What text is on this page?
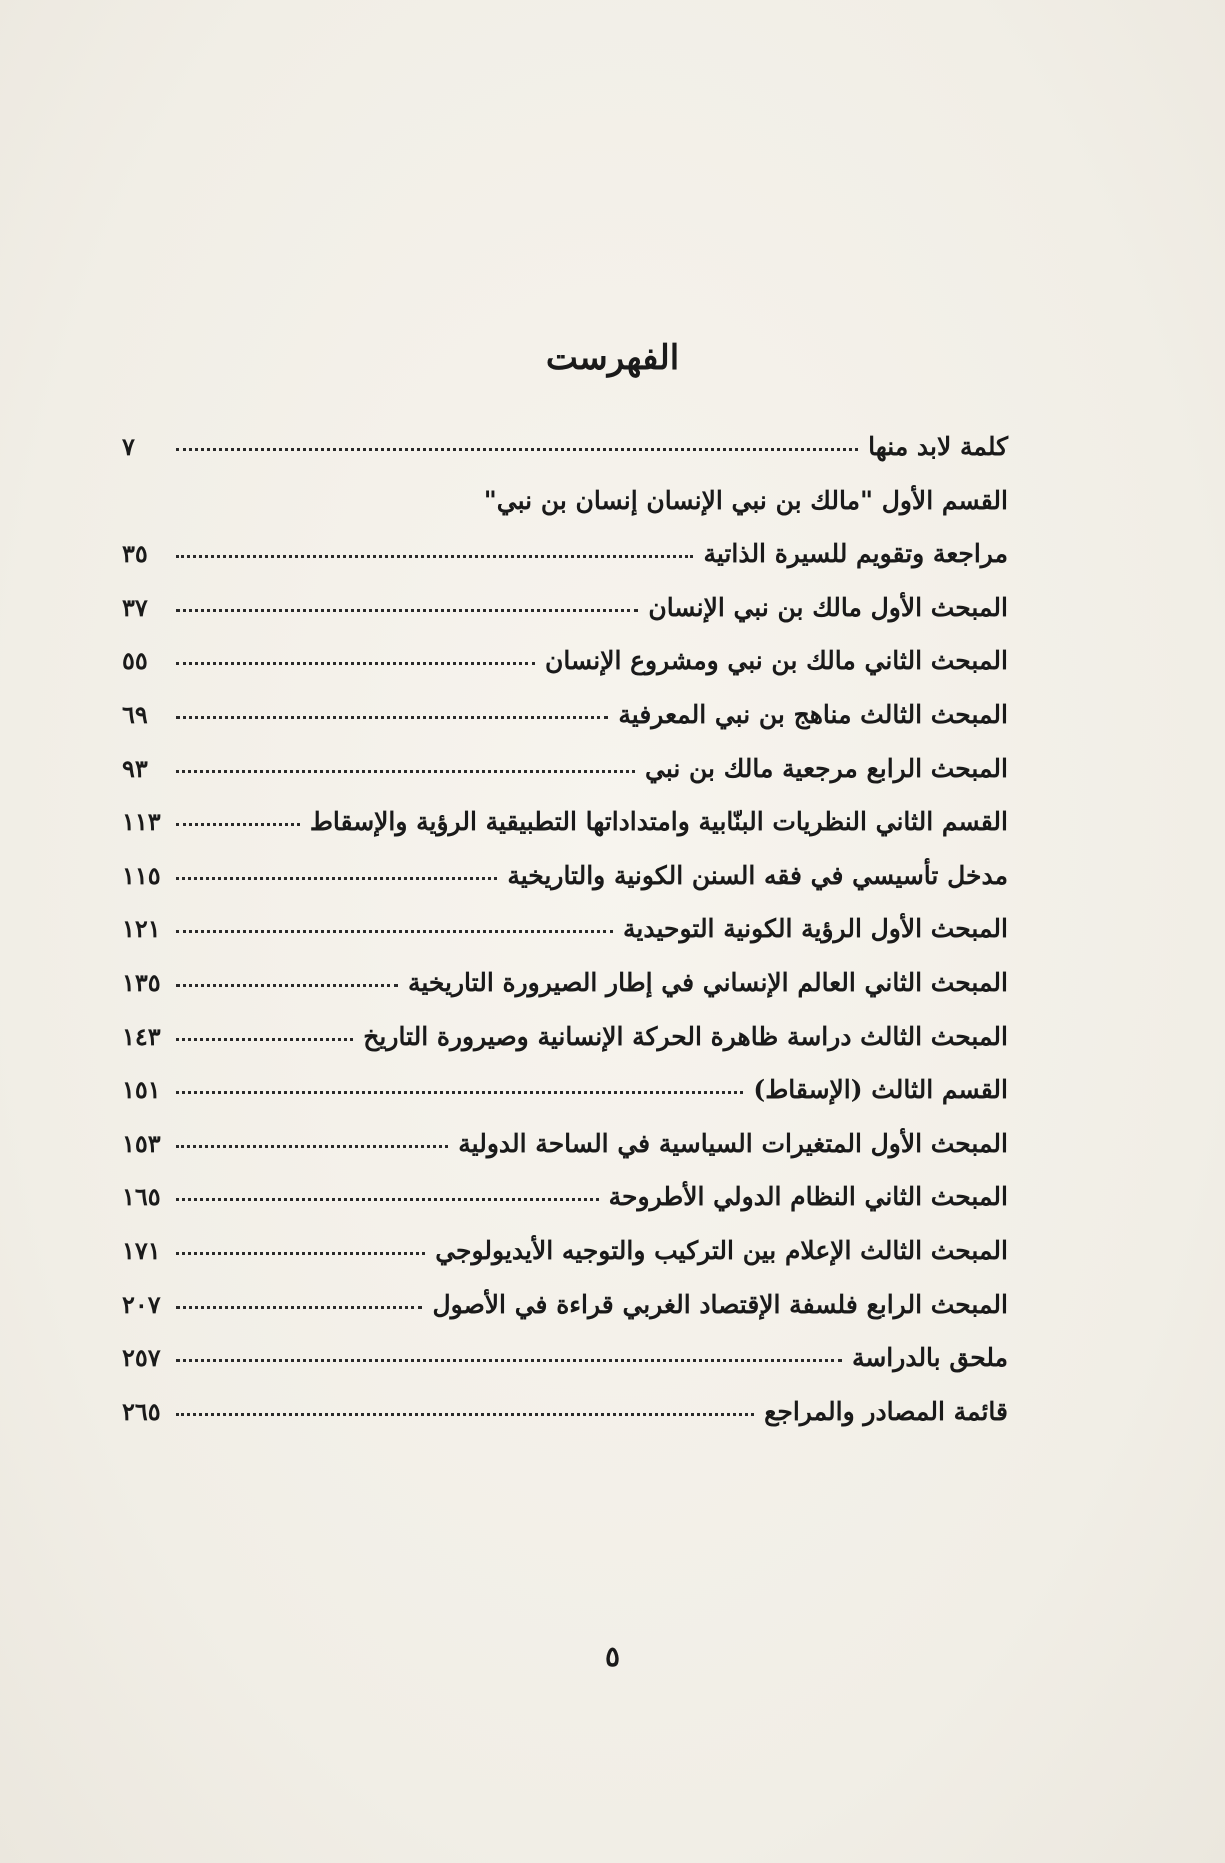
الفهرست
كلمة لابد منها
٧
القسم الأول "مالك بن نبي الإنسان إنسان بن نبي"
مراجعة وتقويم للسيرة الذاتية
٣٥
المبحث الأول مالك بن نبي الإنسان
٣٧
المبحث الثاني مالك بن نبي ومشروع الإنسان
٥٥
المبحث الثالث مناهج بن نبي المعرفية
٦٩
المبحث الرابع مرجعية مالك بن نبي
٩٣
القسم الثاني النظريات البنّابية وامتداداتها التطبيقية الرؤية والإسقاط
١١٣
مدخل تأسيسي في فقه السنن الكونية والتاريخية
١١٥
المبحث الأول الرؤية الكونية التوحيدية
١٢١
المبحث الثاني العالم الإنساني في إطار الصيرورة التاريخية
١٣٥
المبحث الثالث دراسة ظاهرة الحركة الإنسانية وصيرورة التاريخ
١٤٣
القسم الثالث (الإسقاط)
١٥١
المبحث الأول المتغيرات السياسية في الساحة الدولية
١٥٣
المبحث الثاني النظام الدولي الأطروحة
١٦٥
المبحث الثالث الإعلام بين التركيب والتوجيه الأيديولوجي
١٧١
المبحث الرابع فلسفة الإقتصاد الغربي قراءة في الأصول
٢٠٧
ملحق بالدراسة
٢٥٧
قائمة المصادر والمراجع
٢٦٥
٥
